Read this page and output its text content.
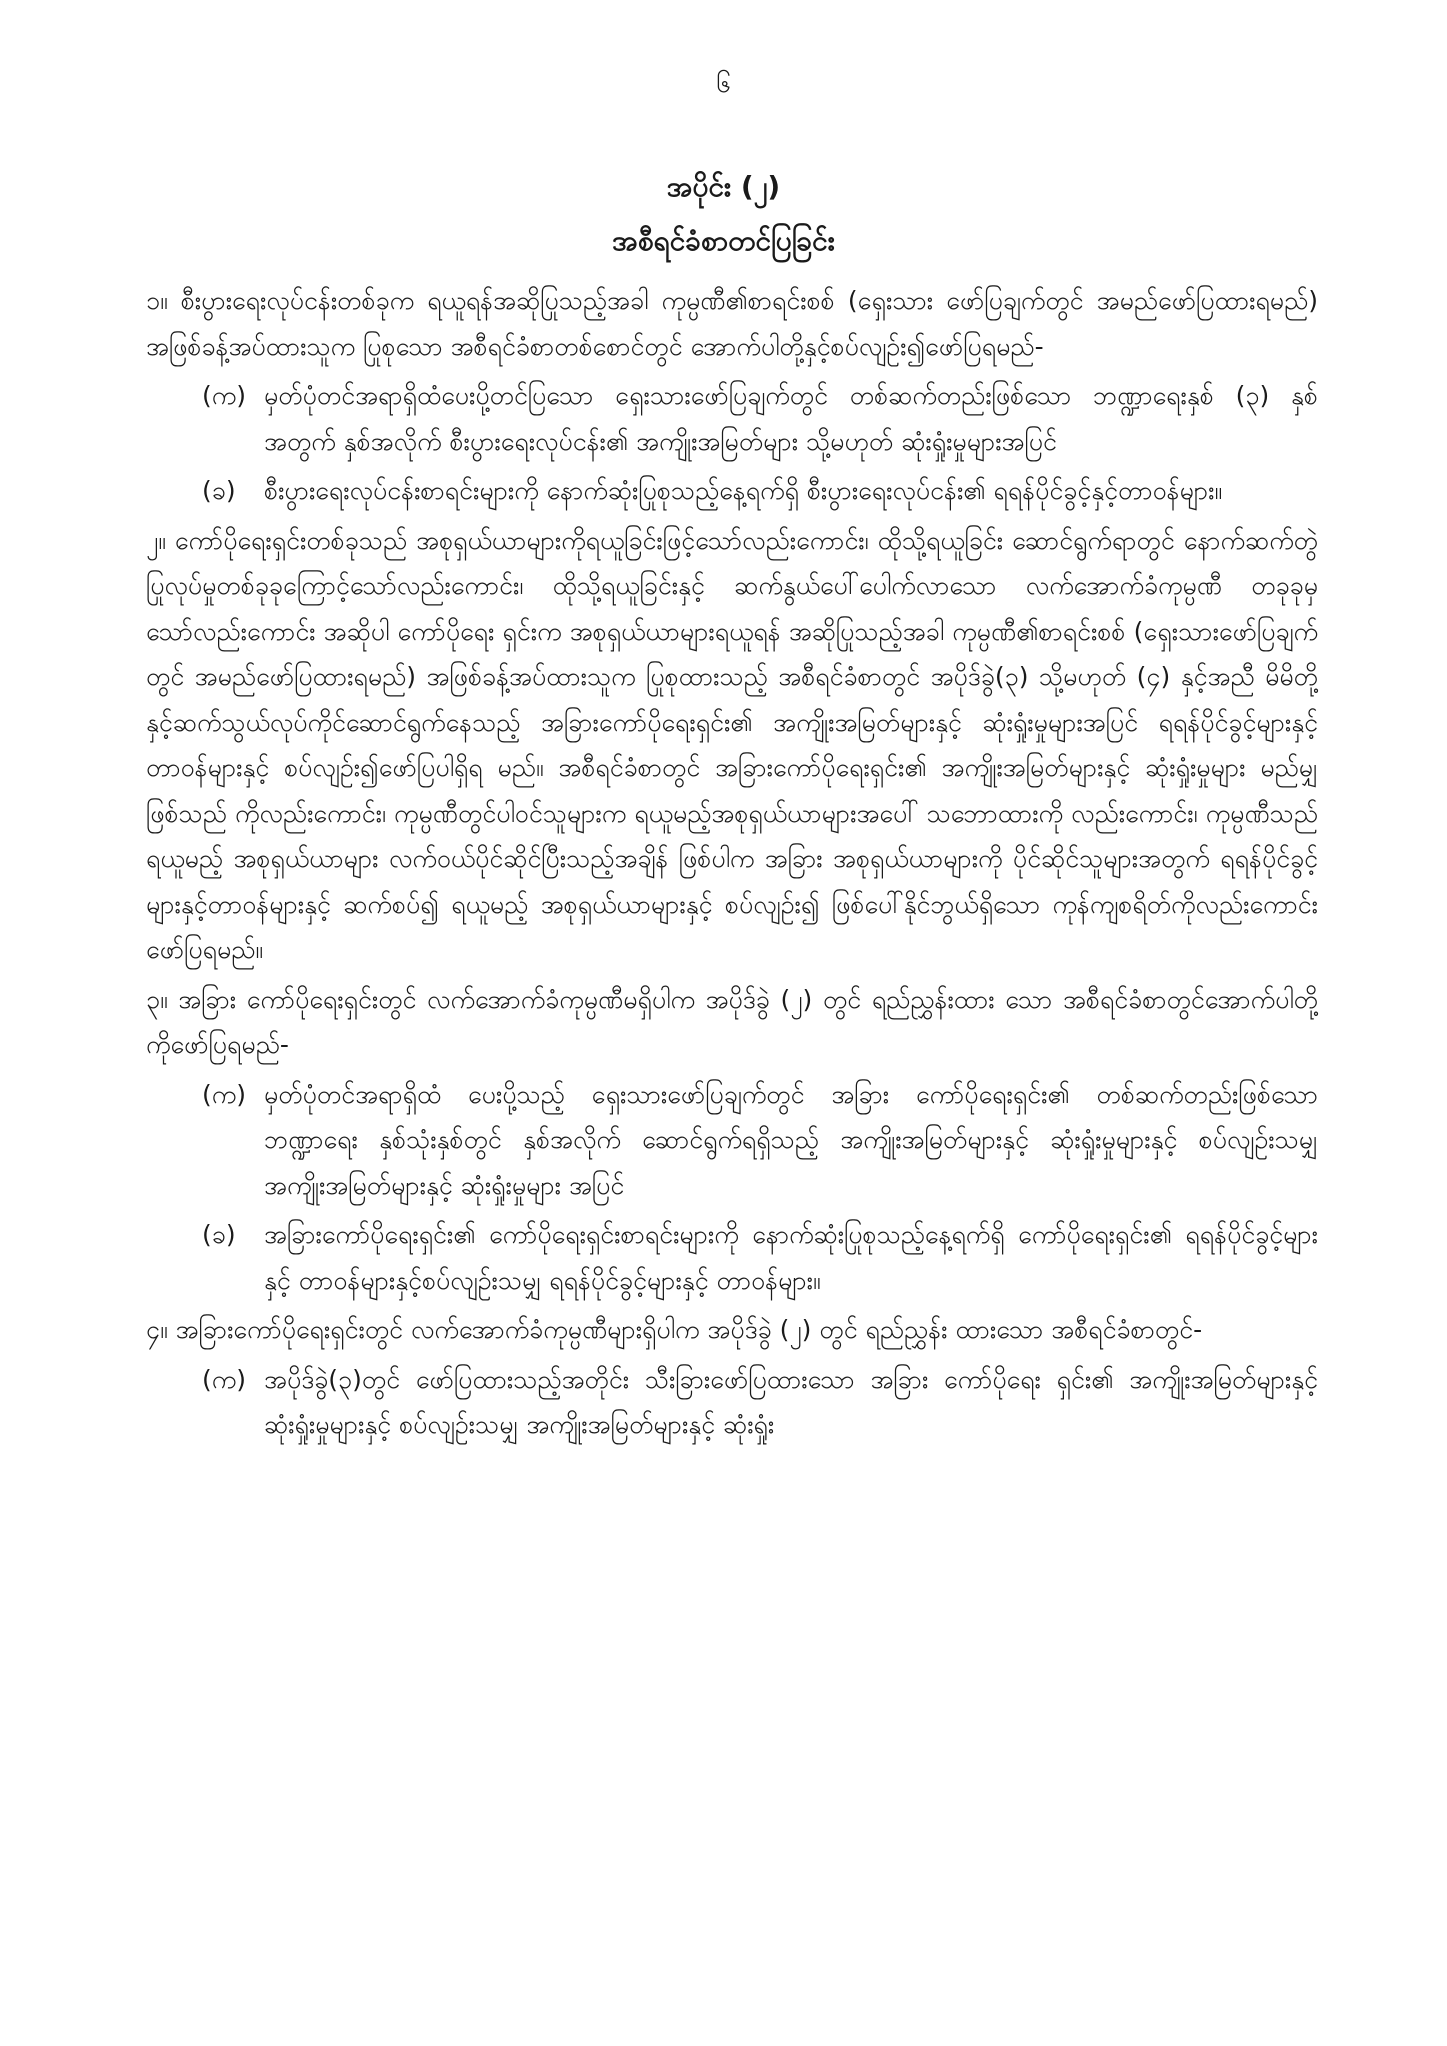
၆
အပိုင်း (၂)
အစီရင်ခံစာတင်ပြခြင်း

၁။ စီးပွားရေးလုပ်ငန်းတစ်ခုက ရယူရန်အဆိုပြုသည့်အခါ ကုမ္ပဏီ၏စာရင်းစစ် (ရှေးသား ဖော်ပြချက်တွင် အမည်ဖော်ပြထားရမည်) အဖြစ်ခန့်အပ်ထားသူက ပြုစုသော အစီရင်ခံစာတစ်စောင်တွင် အောက်ပါတို့နှင့်စပ်လျဉ်း၍ဖော်ပြရမည်-

(က) မှတ်ပုံတင်အရာရှိထံပေးပို့တင်ပြသော ရှေးသားဖော်ပြချက်တွင် တစ်ဆက်တည်းဖြစ်သော ဘဏ္ဍာရေးနှစ် (၃) နှစ်အတွက် နှစ်အလိုက် စီးပွားရေးလုပ်ငန်း၏ အကျိုးအမြတ်များ သို့မဟုတ် ဆုံးရှုံးမှုများအပြင်
(ခ)	စီးပွားရေးလုပ်ငန်းစာရင်းများကို နောက်ဆုံးပြုစုသည့်နေ့ရက်ရှိ စီးပွားရေးလုပ်ငန်း၏ ရရန်ပိုင်ခွင့်နှင့်တာဝန်များ။

၂။ ကော်ပိုရေးရှင်းတစ်ခုသည် အစုရှယ်ယာများကိုရယူခြင်းဖြင့်သော်လည်းကောင်း၊ ထိုသို့ရယူခြင်း ဆောင်ရွက်ရာတွင် နောက်ဆက်တွဲပြုလုပ်မှုတစ်ခုခုကြောင့်သော်လည်းကောင်း၊ ထိုသို့ရယူခြင်းနှင့် ဆက်နွယ်ပေါ်ပေါက်လာသော လက်အောက်ခံကုမ္ပဏီ တခုခုမှသော်လည်းကောင်း အဆိုပါ ကော်ပိုရေး ရှင်းက အစုရှယ်ယာများရယူရန် အဆိုပြုသည့်အခါ ကုမ္ပဏီ၏စာရင်းစစ် (ရှေးသားဖော်ပြချက်တွင် အမည်ဖော်ပြထားရမည်) အဖြစ်ခန့်အပ်ထားသူက ပြုစုထားသည့် အစီရင်ခံစာတွင် အပိုဒ်ခွဲ(၃) သို့မဟုတ် (၄) နှင့်အညီ မိမိတို့နှင့်ဆက်သွယ်လုပ်ကိုင်ဆောင်ရွက်နေသည့် အခြားကော်ပိုရေးရှင်း၏ အကျိုးအမြတ်များနှင့် ဆုံးရှုံးမှုများအပြင် ရရန်ပိုင်ခွင့်များနှင့်တာဝန်များနှင့် စပ်လျဉ်း၍ဖော်ပြပါရှိရ မည်။ အစီရင်ခံစာတွင် အခြားကော်ပိုရေးရှင်း၏ အကျိုးအမြတ်များနှင့် ဆုံးရှုံးမှုများ မည်မျှဖြစ်သည် ကိုလည်းကောင်း၊ ကုမ္ပဏီတွင်ပါဝင်သူများက ရယူမည့်အစုရှယ်ယာများအပေါ် သဘောထားကို လည်းကောင်း၊ ကုမ္ပဏီသည်ရယူမည့် အစုရှယ်ယာများ လက်ဝယ်ပိုင်ဆိုင်ပြီးသည့်အချိန် ဖြစ်ပါက အခြား အစုရှယ်ယာများကို ပိုင်ဆိုင်သူများအတွက် ရရန်ပိုင်ခွင့်များနှင့်တာဝန်များနှင့် ဆက်စပ်၍ ရယူမည့် အစုရှယ်ယာများနှင့် စပ်လျဉ်း၍ ဖြစ်ပေါ်နိုင်ဘွယ်ရှိသော ကုန်ကျစရိတ်ကိုလည်းကောင်း ဖော်ပြရမည်။

၃။ အခြား ကော်ပိုရေးရှင်းတွင် လက်အောက်ခံကုမ္ပဏီမရှိပါက အပိုဒ်ခွဲ (၂) တွင် ရည်ညွှန်းထား သော အစီရင်ခံစာတွင်အောက်ပါတို့ကိုဖော်ပြရမည်-

(က) မှတ်ပုံတင်အရာရှိထံ ပေးပို့သည့် ရှေးသားဖော်ပြချက်တွင် အခြား ကော်ပိုရေးရှင်း၏ တစ်ဆက်တည်းဖြစ်သော ဘဏ္ဍာရေး နှစ်သုံးနှစ်တွင် နှစ်အလိုက် ဆောင်ရွက်ရရှိသည့် အကျိုးအမြတ်များနှင့် ဆုံးရှုံးမှုများနှင့် စပ်လျဉ်းသမျှ အကျိုးအမြတ်များနှင့် ဆုံးရှုံးမှုများ အပြင်
(ခ)	အခြားကော်ပိုရေးရှင်း၏ ကော်ပိုရေးရှင်းစာရင်းများကို နောက်ဆုံးပြုစုသည့်နေ့ရက်ရှိ ကော်ပိုရေးရှင်း၏ ရရန်ပိုင်ခွင့်များနှင့် တာဝန်များနှင့်စပ်လျဉ်းသမျှ ရရန်ပိုင်ခွင့်များနှင့် တာဝန်များ။

၄။ အခြားကော်ပိုရေးရှင်းတွင် လက်အောက်ခံကုမ္ပဏီများရှိပါက အပိုဒ်ခွဲ (၂) တွင် ရည်ညွှန်း ထားသော အစီရင်ခံစာတွင်-

(က) အပိုဒ်ခွဲ(၃)တွင် ဖော်ပြထားသည့်အတိုင်း သီးခြားဖော်ပြထားသော အခြား ကော်ပိုရေး ရှင်း၏ အကျိုးအမြတ်များနှင့် ဆုံးရှုံးမှုများနှင့် စပ်လျဉ်းသမျှ အကျိုးအမြတ်များနှင့် ဆုံးရှုံး
